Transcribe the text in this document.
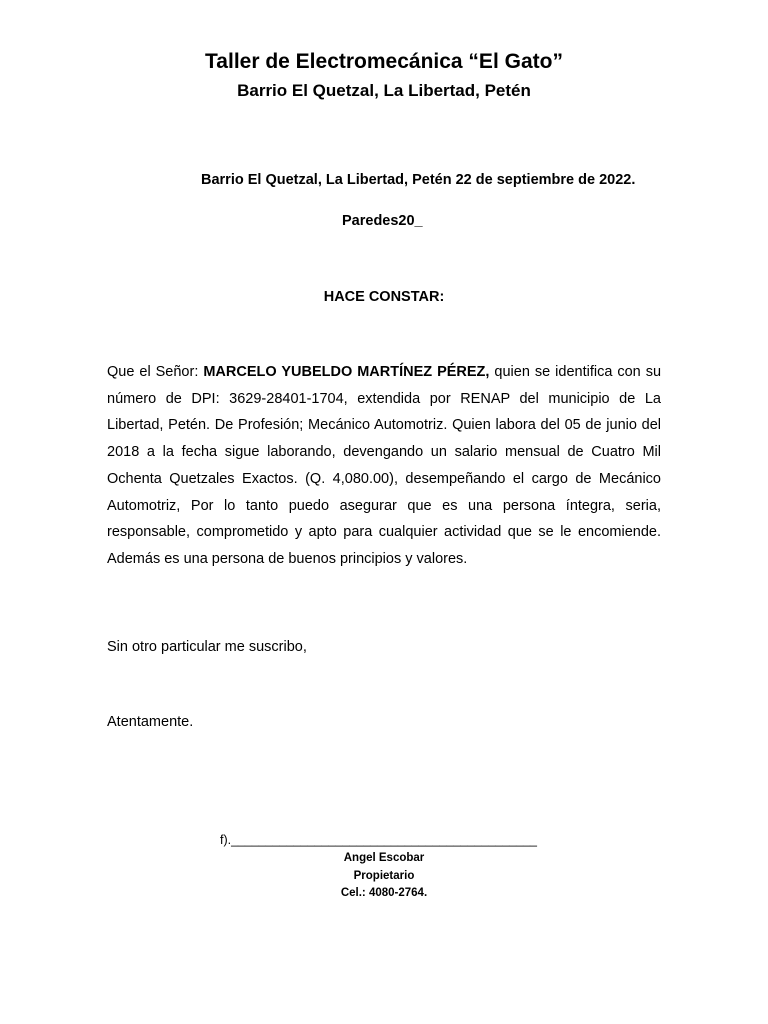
Taller de Electromecánica “El Gato”
Barrio El Quetzal, La Libertad, Petén
Barrio El Quetzal, La Libertad, Petén 22 de septiembre de 2022.
Paredes20_
HACE CONSTAR:
Que el Señor: MARCELO YUBELDO MARTÍNEZ PÉREZ, quien se identifica con su número de DPI: 3629-28401-1704, extendida por RENAP del municipio de La Libertad, Petén. De Profesión; Mecánico Automotriz. Quien labora del 05 de junio del 2018 a la fecha sigue laborando, devengando un salario mensual de Cuatro Mil Ochenta Quetzales Exactos. (Q. 4,080.00), desempeñando el cargo de Mecánico Automotriz, Por lo tanto puedo asegurar que es una persona íntegra, seria, responsable, comprometido y apto para cualquier actividad que se le encomiende. Además es una persona de buenos principios y valores.
Sin otro particular me suscribo,
Atentamente.
f).____________________________________________
Angel Escobar
Propietario
Cel.: 4080-2764.
